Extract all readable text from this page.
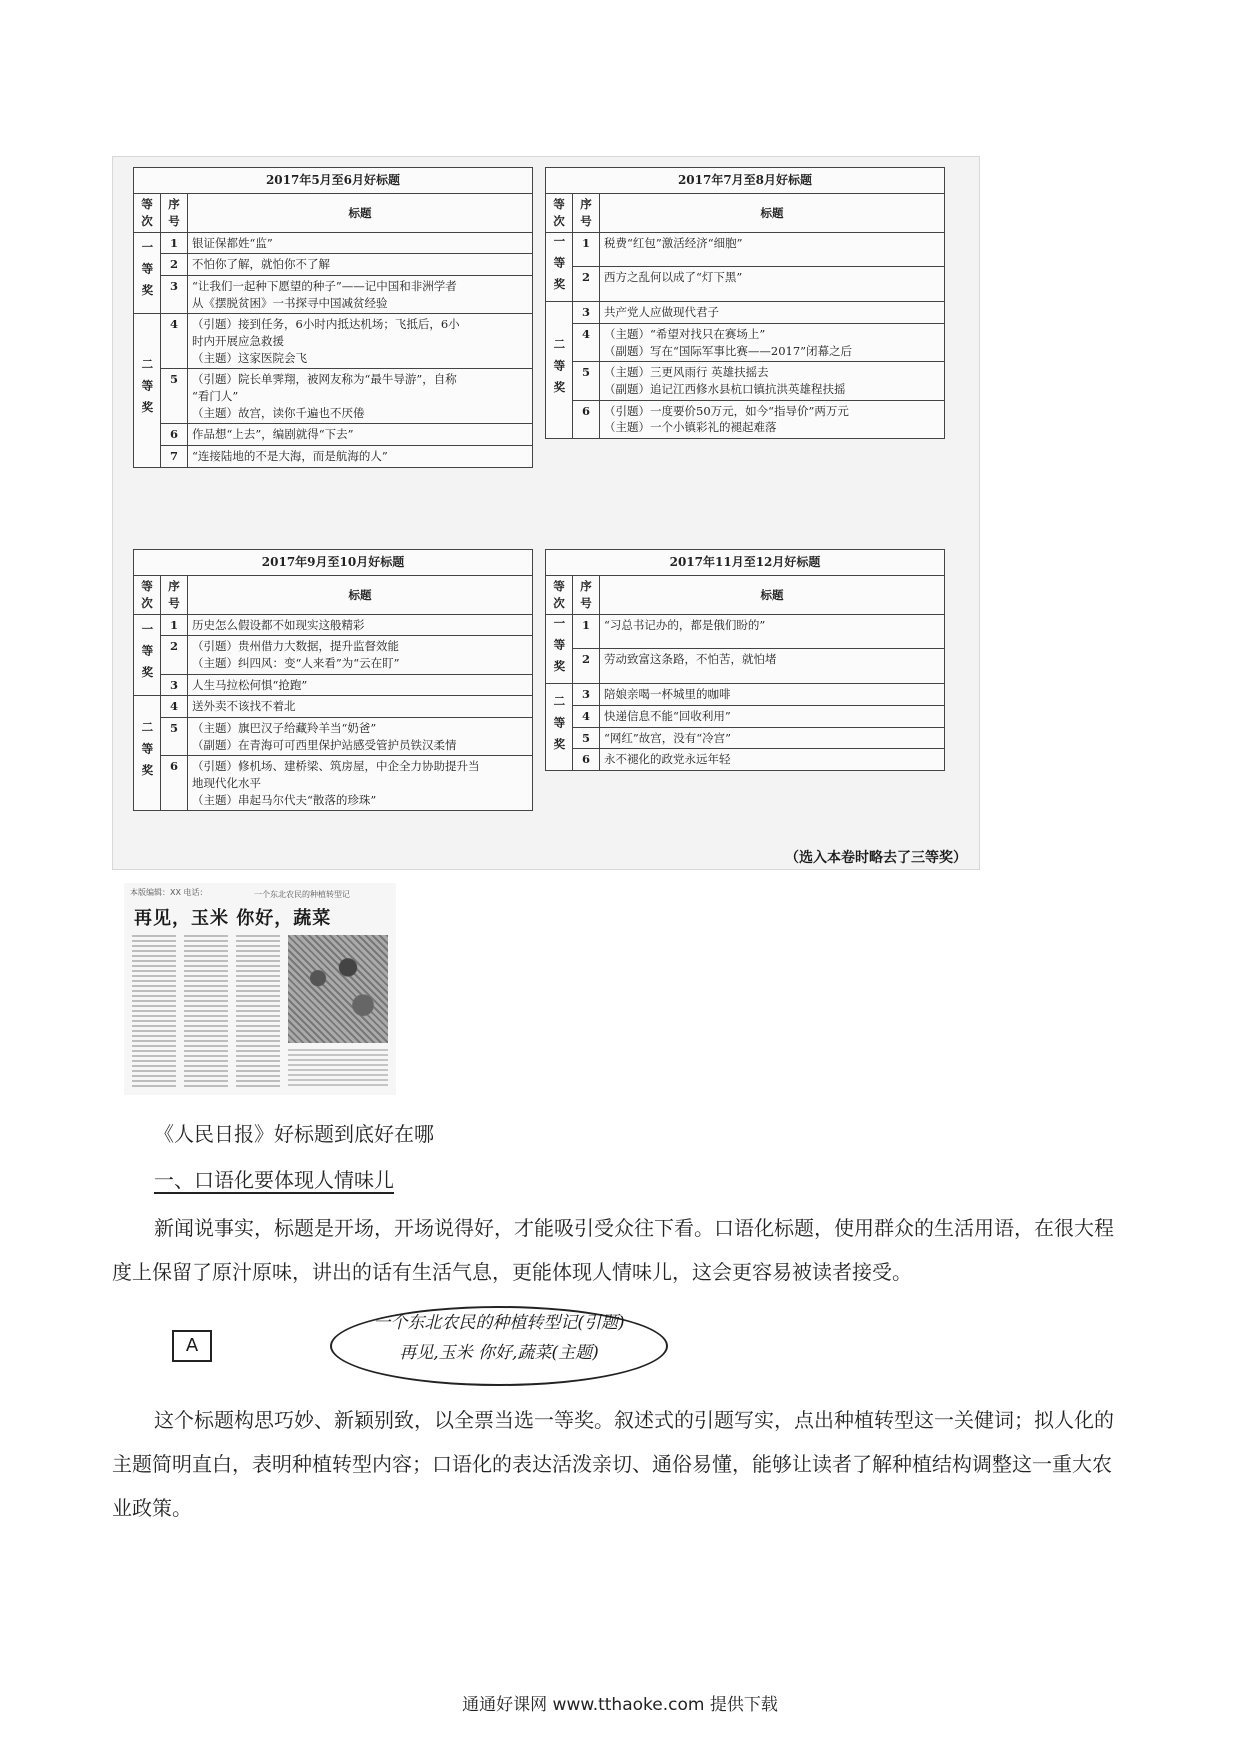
2017年5月至6月好标题		
等次	序号	标题
一等奖	1	银证保都姓“监”

	2	不怕你了解，就怕你不了解

	3	“让我们一起种下愿望的种子”——记中国和非洲学者
从《摆脱贫困》一书探寻中国减贫经验

二等奖	4	（引题）接到任务，6小时内抵达机场；飞抵后，6小
时内开展应急救援
（主题）这家医院会飞

	5	（引题）院长单霁翔，被网友称为“最牛导游”，自称
“看门人”
（主题）故宫，读你千遍也不厌倦

	6	作品想“上去”，编剧就得“下去”

	7	“连接陆地的不是大海，而是航海的人”
2017年7月至8月好标题		
等次	序号	标题
一等奖	1	税费“红包”激活经济“细胞”

	2	西方之乱何以成了“灯下黑”

二等奖	3	共产党人应做现代君子

	4	（主题）“希望对找只在赛场上”
（副题）写在“国际军事比赛——2017”闭幕之后

	5	（主题）三更风雨行 英雄扶摇去
（副题）追记江西修水县杭口镇抗洪英雄程扶摇

	6	（引题）一度要价50万元，如今“指导价”两万元
（主题）一个小镇彩礼的褪起难落
2017年9月至10月好标题		
等次	序号	标题
一等奖	1	历史怎么假设都不如现实这般精彩

	2	（引题）贵州借力大数据，提升监督效能
（主题）纠四风：变“人来看”为“云在盯”

	3	人生马拉松何惧“抢跑”

二等奖	4	送外卖不该找不着北

	5	（主题）旗巴汉子给藏羚羊当“奶爸”
（副题）在青海可可西里保护站感受管护员铁汉柔情

	6	（引题）修机场、建桥梁、筑房屋，中企全力协助提升当
地现代化水平
（主题）串起马尔代夫“散落的珍珠”
2017年11月至12月好标题		
等次	序号	标题
一等奖	1	“习总书记办的，都是俄们盼的”

	2	劳动致富这条路，不怕苦，就怕堵

二等奖	3	陪娘亲喝一杯城里的咖啡

	4	快递信息不能“回收利用”

	5	“网红”故宫，没有“冷宫”

	6	永不褪化的政党永远年轻
（选入本卷时略去了三等奖）
本版编辑：XX 电话：	一个东北农民的种植转型记
再见，玉米 你好，蔬菜

《人民日报》好标题到底好在哪

一、口语化要体现人情味儿

新闻说事实，标题是开场，开场说得好，才能吸引受众往下看。口语化标题，使用群众的生活用语，在很大程度上保留了原汁原味，讲出的话有生活气息，更能体现人情味儿，这会更容易被读者接受。

A
一个东北农民的种植转型记(引题)
再见,玉米 你好,蔬菜(主题)

这个标题构思巧妙、新颖别致，以全票当选一等奖。叙述式的引题写实，点出种植转型这一关健词；拟人化的主题简明直白，表明种植转型内容；口语化的表达活泼亲切、通俗易懂，能够让读者了解种植结构调整这一重大农业政策。

通通好课网 www.tthaoke.com 提供下载
